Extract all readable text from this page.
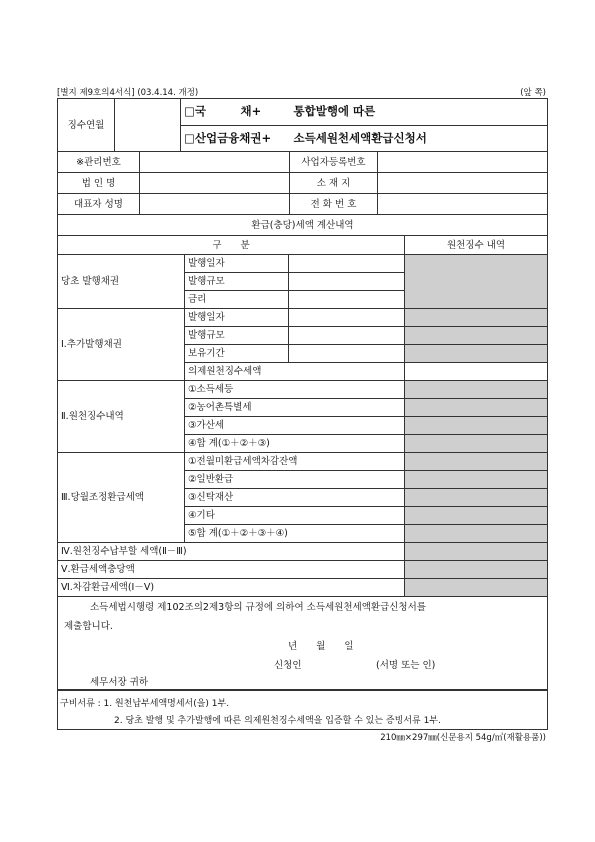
[별지 제9호의4서식] (03.4.14. 개정)	(앞 쪽)
징수연월		□국　　　채+	통합발행에 따른
		□산업금융채권+	소득세원천세액환급신청서
※관리번호		사업자등록번호	
법 인 명		소 재 지	
대표자 성명		전 화 번 호	
환급(충당)세액 계산내역			
구　　분			원천징수 내역
당초 발행채권	발행일자		
	발행규모		
	금리		
Ⅰ.추가발행채권	발행일자		
	발행규모		
	보유기간		
	의제원천징수세액		
Ⅱ.원천징수내역	①소득세등		
	②농어촌특별세		
	③가산세		
	④합 계(①＋②＋③)		
Ⅲ.당월조정환급세액	①전월미환급세액차감잔액		
	②일반환급		
	③신탁재산		
	④기타		
	⑤합 계(①＋②＋③＋④)		
Ⅳ.원천징수납부할 세액(Ⅱ－Ⅲ)			
Ⅴ.환급세액충당액			
Ⅵ.차감환급세액(Ⅰ－Ⅴ)			
소득세법시행령 제102조의2제3항의 규정에 의하여 소득세원천세액환급신청서를
제출합니다.
년　　월　　일
신청인	(서명 또는 인)
세무서장 귀하
구비서류 : 1. 원천납부세액명세서(을) 1부.
2. 당초 발행 및 추가발행에 따른 의제원천징수세액을 입증할 수 있는 증빙서류 1부.
210㎜×297㎜(신문용지 54g/㎡(재활용품))
